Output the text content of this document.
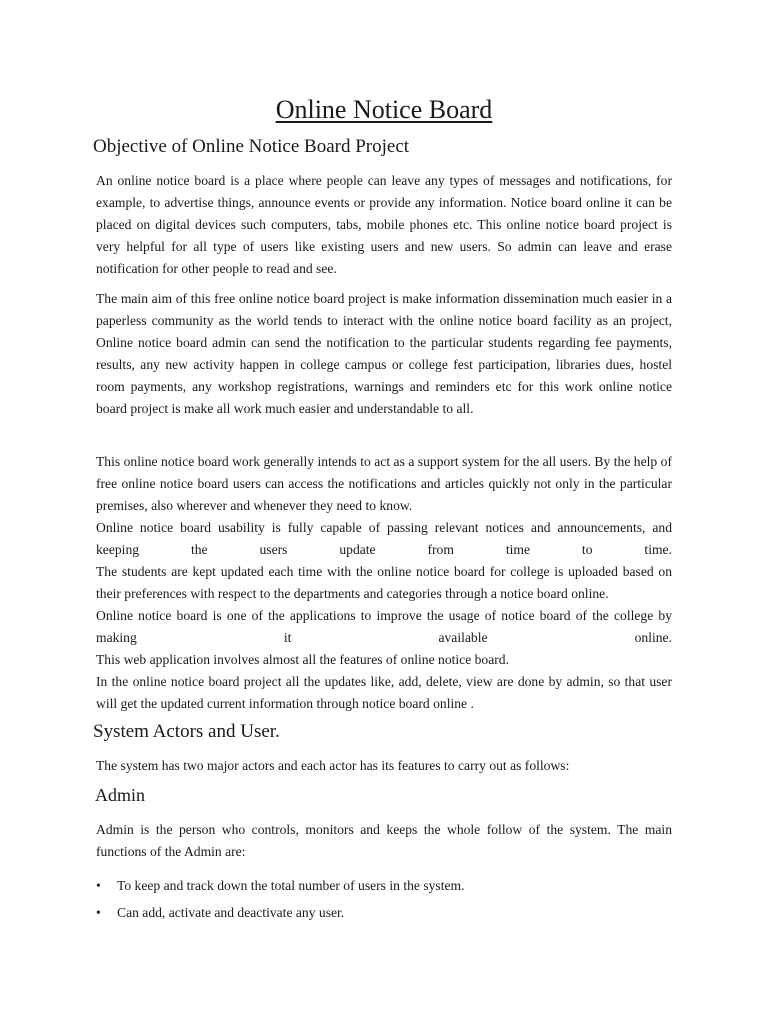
Online Notice Board
Objective of Online Notice Board Project
An online notice board is a place where people can leave any types of messages and notifications, for example, to advertise things, announce events or provide any information. Notice board online it can be placed on digital devices such computers, tabs, mobile phones etc. This online notice board project is very helpful for all type of users like existing users and new users. So admin can leave and erase notification for other people to read and see.
The main aim of this free online notice board project is make information dissemination much easier in a paperless community as the world tends to interact with the online notice board facility as an project, Online notice board admin can send the notification to the particular students regarding fee payments, results, any new activity happen in college campus or college fest participation, libraries dues, hostel room payments, any workshop registrations, warnings and reminders etc for this work online notice board project is make all work much easier and understandable to all.
This online notice board work generally intends to act as a support system for the all users. By the help of free online notice board users can access the notifications and articles quickly not only in the particular premises, also wherever and whenever they need to know.
Online notice board usability is fully capable of passing relevant notices and announcements, and keeping the users update from time to time.
The students are kept updated each time with the online notice board for college is uploaded based on their preferences with respect to the departments and categories through a notice board online.
Online notice board is one of the applications to improve the usage of notice board of the college by making it available online.
This web application involves almost all the features of online notice board.
In the online notice board project all the updates like, add, delete, view are done by admin, so that user will get the updated current information through notice board online .
System Actors and User.
The system has two major actors and each actor has its features to carry out as follows:
Admin
Admin is the person who controls, monitors and keeps the whole follow of the system. The main functions of the Admin are:
• To keep and track down the total number of users in the system.
• Can add, activate and deactivate any user.
